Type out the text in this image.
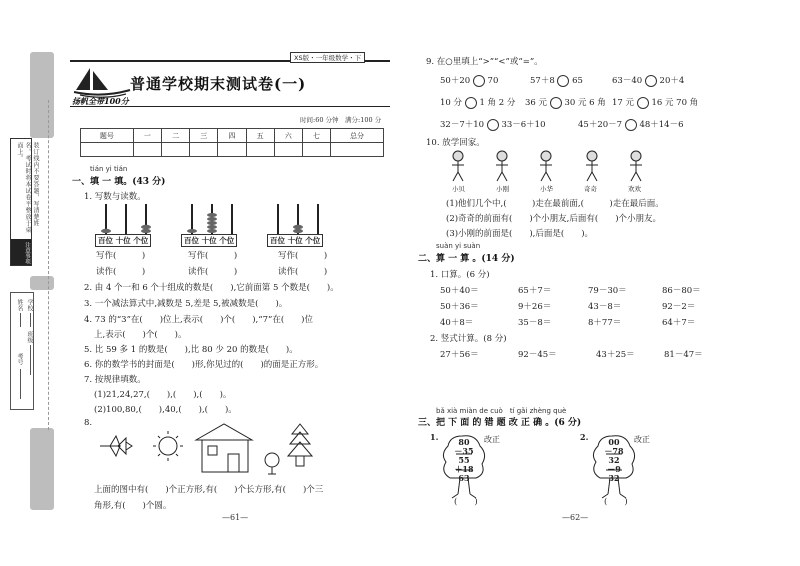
装订线内不要答题，写清楚姓名。考试时将本试卷平整放于桌面上。
注意事项
学校
班级
姓名
考号
XS版・一年级数学・下
扬帆全带100分
普通学校期末测试卷(一)
时间:60 分钟　满分:100 分
题号	一	二	三	四	五	六	七	总分

tián yi tián
一、填 一 填。(43 分)
1. 写数与读数。
百位 十位 个位	百位 十位 个位	百位 十位 个位
写作(　　　)	写作(　　　)	写作(　　　)
读作(　　　)	读作(　　　)	读作(　　　)
2. 由 4 个一和 6 个十组成的数是(　　),它前面第 5 个数是(　　)。
3. 一个减法算式中,减数是 5,差是 5,被减数是(　　)。
4. 73 的“3”在(　　)位上,表示(　　)个(　　),“7”在(　　)位
上,表示(　　)个(　　)。
5. 比 59 多 1 的数是(　　),比 80 少 20 的数是(　　)。
6. 你的数学书的封面是(　　)形,你见过的(　　)的面是正方形。
7. 按规律填数。
(1)21,24,27,(　　),(　　),(　　)。
(2)100,80,(　　),40,(　　),(　　)。
8.
上面的图中有(　　)个正方形,有(　　)个长方形,有(　　)个三
角形,有(　　)个圆。
—61—
9. 在○里填上“>”“<”或“=”。
50＋20 70	57＋8 65	63－40 20＋4
10 分 1 角 2 分 36 元 30 元 6 角 17 元 16 元 70 角
32－7＋10 33－6＋10	45＋20－7 48＋14－6
10. 放学回家。
小贝	小刚	小华	奇奇	欢欢
(1)他们几个中,(　　　)走在最前面,(　　　)走在最后面。
(2)奇奇的前面有(　　)个小朋友,后面有(　　)个小朋友。
(3)小刚的前面是(　　),后面是(　　)。
suàn yi suàn
二、算 一 算 。(14 分)
1. 口算。(6 分)
50＋40＝	65＋7＝	79－30＝	86－80＝
50＋36＝	9＋26＝	43－8＝	92－2＝
40＋8＝	35－8＝	8＋77＝	64＋7＝
2. 竖式计算。(8 分)
27＋56＝	92－45＝	43＋25＝	81－47＝
bǎ xià miàn de cuò　tí gǎi zhèng què
三、把 下 面 的 错 题 改 正 确 。(6 分)
1.	80
－35
55
＋18
63
改正
(　　)
2.	00
－78
32
－9
32
改正
(　　)
—62—
